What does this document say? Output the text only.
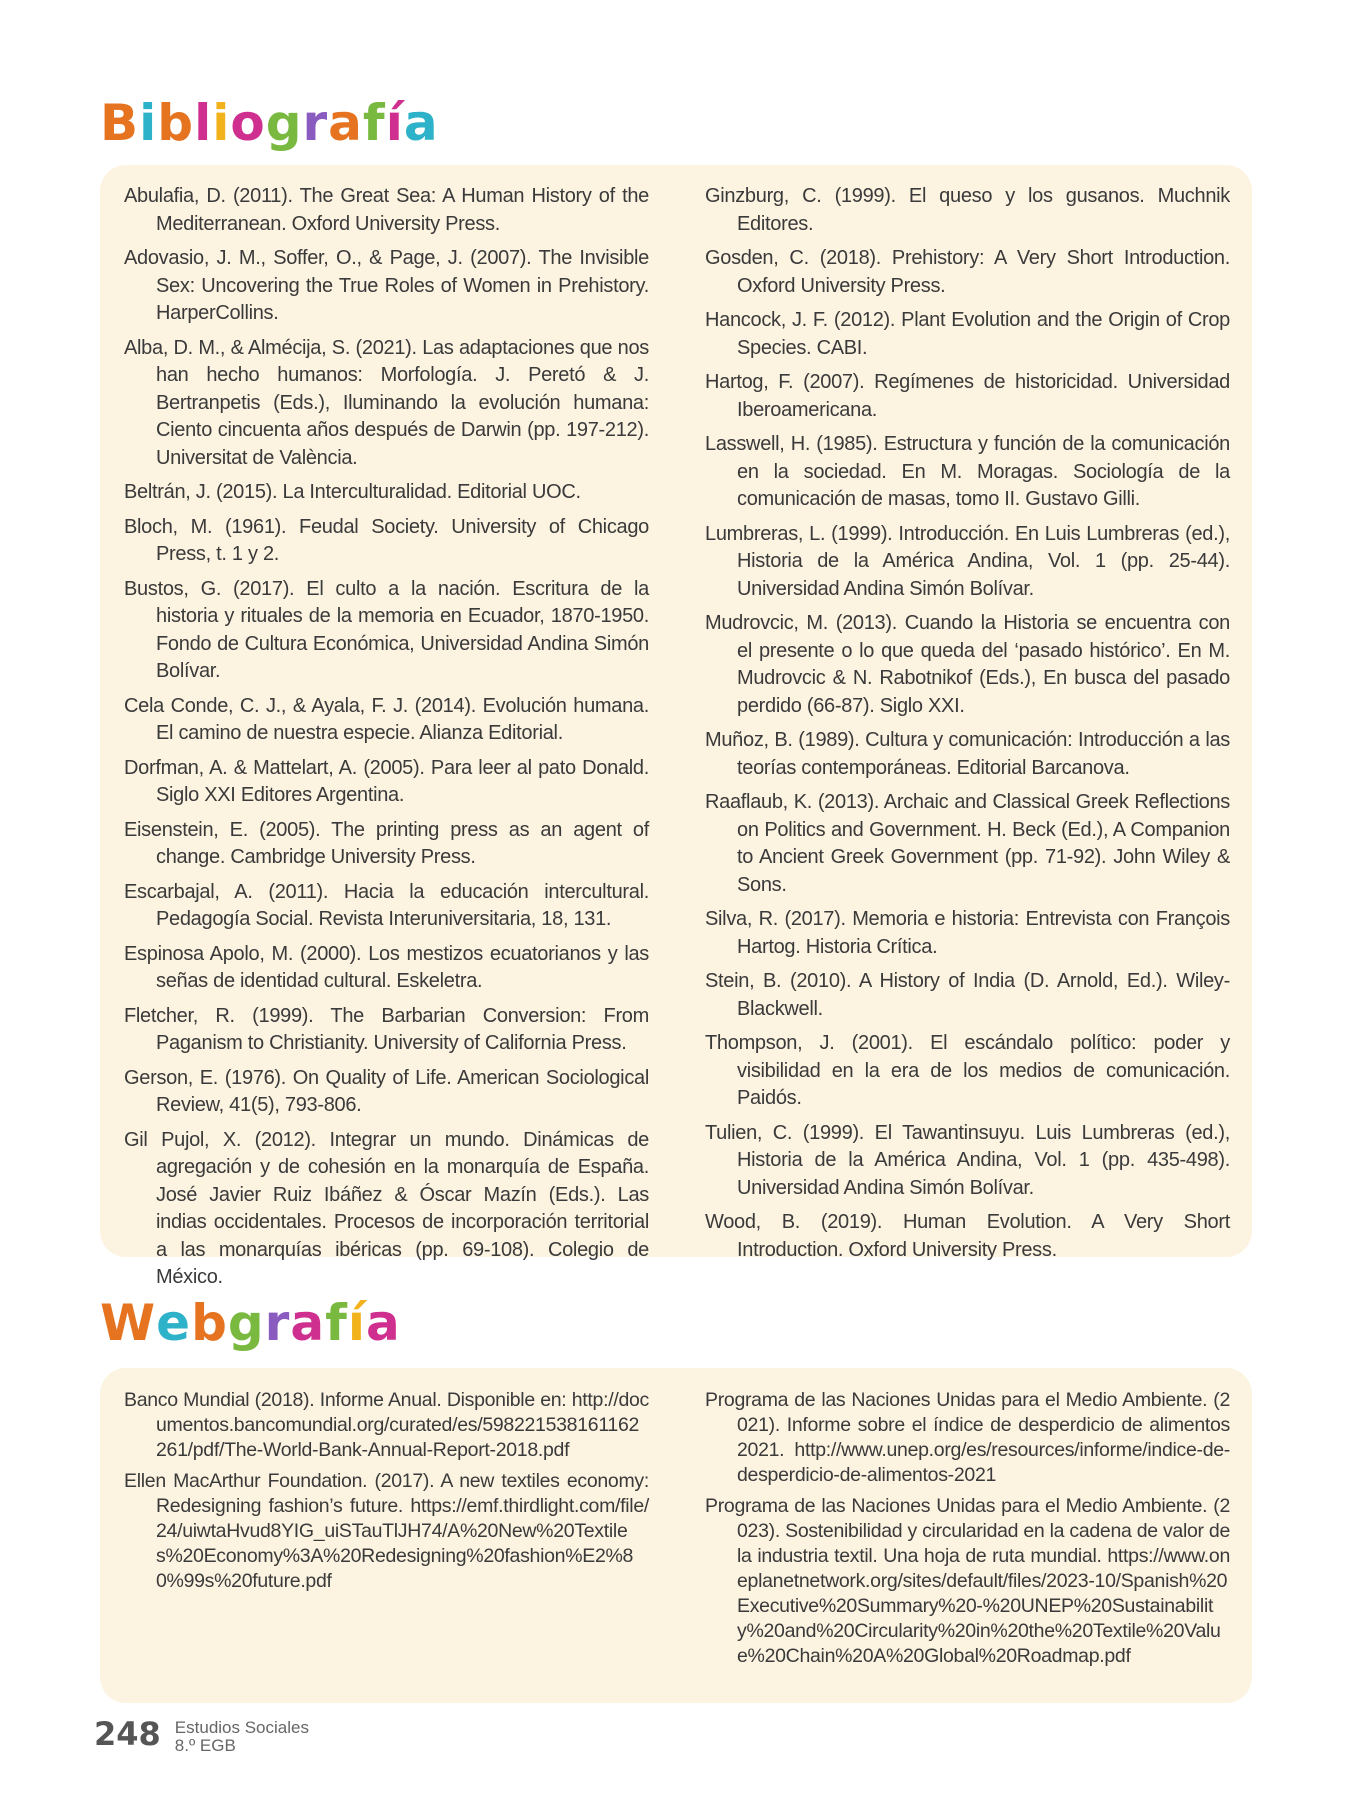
Bibliografía

Abulafia, D. (2011). The Great Sea: A Human History of the Mediterranean. Oxford University Press.

Adovasio, J. M., Soffer, O., & Page, J. (2007). The Invisible Sex: Uncovering the True Roles of Women in Prehistory. HarperCollins.

Alba, D. M., & Almécija, S. (2021). Las adaptaciones que nos han hecho humanos: Morfología. J. Peretó & J. Bertranpetis (Eds.), Iluminando la evolución humana: Ciento cincuenta años después de Darwin (pp. 197-212). Universitat de València.

Beltrán, J. (2015). La Interculturalidad. Editorial UOC.

Bloch, M. (1961). Feudal Society. University of Chicago Press, t. 1 y 2.

Bustos, G. (2017). El culto a la nación. Escritura de la historia y rituales de la memoria en Ecuador, 1870-1950. Fondo de Cultura Económica, Universidad Andina Simón Bolívar.

Cela Conde, C. J., & Ayala, F. J. (2014). Evolución humana. El camino de nuestra especie. Alianza Editorial.

Dorfman, A. & Mattelart, A. (2005). Para leer al pato Donald. Siglo XXI Editores Argentina.

Eisenstein, E. (2005). The printing press as an agent of change. Cambridge University Press.

Escarbajal, A. (2011). Hacia la educación intercultural. Pedagogía Social. Revista Interuniversitaria, 18, 131.

Espinosa Apolo, M. (2000). Los mestizos ecuatorianos y las señas de identidad cultural. Eskeletra.

Fletcher, R. (1999). The Barbarian Conversion: From Paganism to Christianity. University of California Press.

Gerson, E. (1976). On Quality of Life. American Sociological Review, 41(5), 793-806.

Gil Pujol, X. (2012). Integrar un mundo. Dinámicas de agregación y de cohesión en la monarquía de España. José Javier Ruiz Ibáñez & Óscar Mazín (Eds.). Las indias occidentales. Procesos de incorporación territorial a las monarquías ibéricas (pp. 69-108). Colegio de México.

Ginzburg, C. (1999). El queso y los gusanos. Muchnik Editores.

Gosden, C. (2018). Prehistory: A Very Short Introduction. Oxford University Press.

Hancock, J. F. (2012). Plant Evolution and the Origin of Crop Species. CABI.

Hartog, F. (2007). Regímenes de historicidad. Universidad Iberoamericana.

Lasswell, H. (1985). Estructura y función de la comunicación en la sociedad. En M. Moragas. Sociología de la comunicación de masas, tomo II. Gustavo Gilli.

Lumbreras, L. (1999). Introducción. En Luis Lumbreras (ed.), Historia de la América Andina, Vol. 1 (pp. 25-44). Universidad Andina Simón Bolívar.

Mudrovcic, M. (2013). Cuando la Historia se encuentra con el presente o lo que queda del ‘pasado histórico’. En M. Mudrovcic & N. Rabotnikof (Eds.), En busca del pasado perdido (66-87). Siglo XXI.

Muñoz, B. (1989). Cultura y comunicación: Introducción a las teorías contemporáneas. Editorial Barcanova.

Raaflaub, K. (2013). Archaic and Classical Greek Reflections on Politics and Government. H. Beck (Ed.), A Companion to Ancient Greek Government (pp. 71-92). John Wiley & Sons.

Silva, R. (2017). Memoria e historia: Entrevista con François Hartog. Historia Crítica.

Stein, B. (2010). A History of India (D. Arnold, Ed.). Wiley-Blackwell.

Thompson, J. (2001). El escándalo político: poder y visibilidad en la era de los medios de comunicación. Paidós.

Tulien, C. (1999). El Tawantinsuyu. Luis Lumbreras (ed.), Historia de la América Andina, Vol. 1 (pp. 435-498). Universidad Andina Simón Bolívar.

Wood, B. (2019). Human Evolution. A Very Short Introduction. Oxford University Press.

Webgrafía

Banco Mundial (2018). Informe Anual. Disponible en: http://documentos.bancomundial.org/curated/es/598221538161162261/pdf/The-World-Bank-Annual-Report-2018.pdf

Ellen MacArthur Foundation. (2017). A new textiles economy: Redesigning fashion’s future. https://emf.thirdlight.com/file/24/uiwtaHvud8YIG_uiSTauTlJH74/A%20New%20Textiles%20Economy%3A%20Redesigning%20fashion%E2%80%99s%20future.pdf

Programa de las Naciones Unidas para el Medio Ambiente. (2021). Informe sobre el índice de desperdicio de alimentos 2021. http://www.unep.org/es/resources/informe/indice-de-desperdicio-de-alimentos-2021

Programa de las Naciones Unidas para el Medio Ambiente. (2023). Sostenibilidad y circularidad en la cadena de valor de la industria textil. Una hoja de ruta mundial. https://www.oneplanetnetwork.org/sites/default/files/2023-10/Spanish%20Executive%20Summary%20-%20UNEP%20Sustainability%20and%20Circularity%20in%20the%20Textile%20Value%20Chain%20A%20Global%20Roadmap.pdf

248 Estudios Sociales
8.º EGB
